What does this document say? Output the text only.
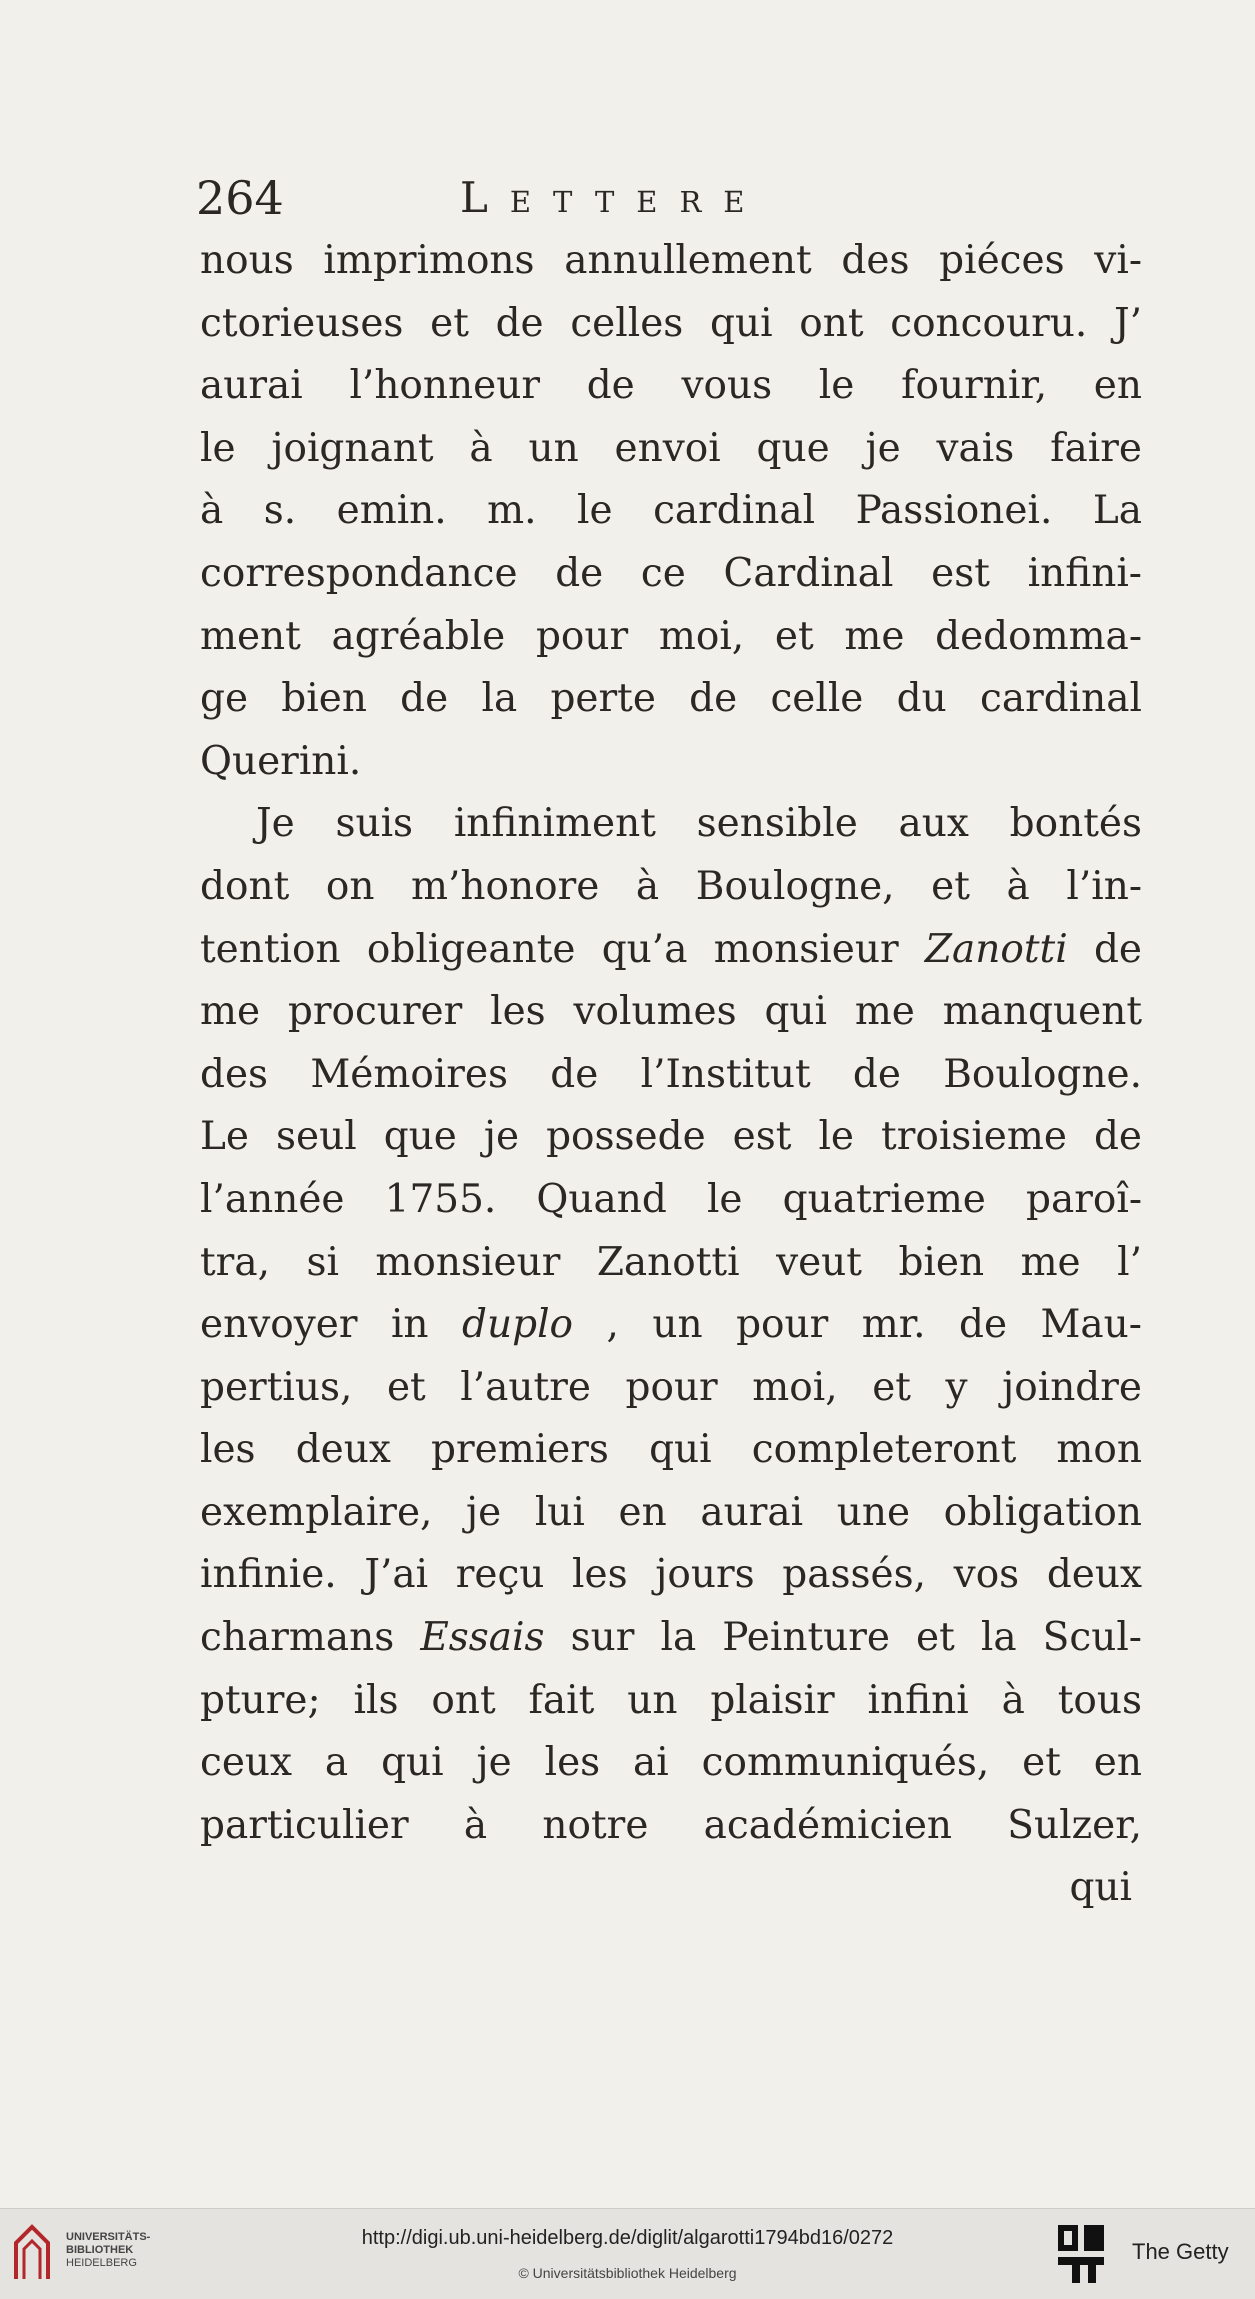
264	Lettere
nous imprimons annullement des piéces vi-
ctorieuses et de celles qui ont concouru. J’
aurai l’honneur de vous le fournir, en
le joignant à un envoi que je vais faire
à s. emin. m. le cardinal Passionei. La
correspondance de ce Cardinal est infini-
ment agréable pour moi, et me dedomma-
ge bien de la perte de celle du cardinal
Querini.
Je suis infiniment sensible aux bontés
dont on m’honore à Boulogne, et à l’in-
tention obligeante qu’a monsieur Zanotti de
me procurer les volumes qui me manquent
des Mémoires de l’Institut de Boulogne.
Le seul que je possede est le troisieme de
l’année 1755. Quand le quatrieme paroî-
tra, si monsieur Zanotti veut bien me l’
envoyer in duplo , un pour mr. de Mau-
pertius, et l’autre pour moi, et y joindre
les deux premiers qui completeront mon
exemplaire, je lui en aurai une obligation
infinie. J’ai reçu les jours passés, vos deux
charmans Essais sur la Peinture et la Scul-
pture; ils ont fait un plaisir infini à tous
ceux a qui je les ai communiqués, et en
particulier à notre académicien Sulzer,
qui
UNIVERSITÄTS-
BIBLIOTHEK
HEIDELBERG
http://digi.ub.uni-heidelberg.de/diglit/algarotti1794bd16/0272
© Universitätsbibliothek Heidelberg
The Getty
